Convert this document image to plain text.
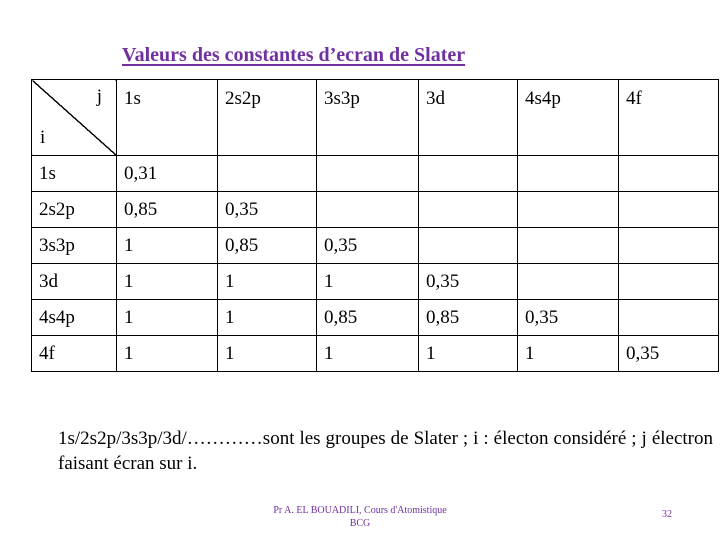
Valeurs des constantes d’ecran de Slater
j
i	1s	2s2p	3s3p	3d	4s4p	4f
1s	0,31					
2s2p	0,85	0,35				
3s3p	1	0,85	0,35			
3d	1	1	1	0,35		
4s4p	1	1	0,85	0,85	0,35	
4f	1	1	1	1	1	0,35
1s/2s2p/3s3p/3d/…………sont les groupes de Slater ; i : électon considéré ; j électron faisant écran sur i.
Pr A. EL BOUADILI, Cours d'Atomistique
BCG
32
